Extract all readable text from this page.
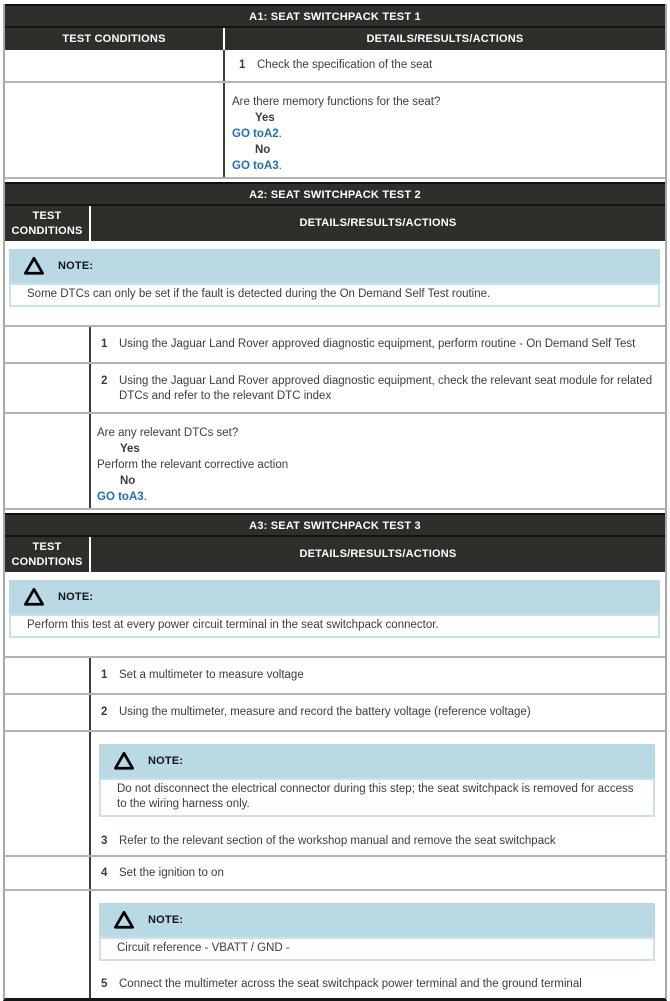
A1: SEAT SWITCHPACK TEST 1
TEST CONDITIONS	DETAILS/RESULTS/ACTIONS
1	Check the specification of the seat
Are there memory functions for the seat?
Yes
GO toA2.
No
GO toA3.
A2: SEAT SWITCHPACK TEST 2
TEST CONDITIONS
DETAILS/RESULTS/ACTIONS
NOTE:
Some DTCs can only be set if the fault is detected during the On Demand Self Test routine.
1	Using the Jaguar Land Rover approved diagnostic equipment, perform routine - On Demand Self Test
2	Using the Jaguar Land Rover approved diagnostic equipment, check the relevant seat module for related DTCs and refer to the relevant DTC index
Are any relevant DTCs set?
Yes
Perform the relevant corrective action
No
GO toA3.
A3: SEAT SWITCHPACK TEST 3
TEST CONDITIONS
DETAILS/RESULTS/ACTIONS
NOTE:
Perform this test at every power circuit terminal in the seat switchpack connector.
1	Set a multimeter to measure voltage
2	Using the multimeter, measure and record the battery voltage (reference voltage)
NOTE:
Do not disconnect the electrical connector during this step; the seat switchpack is removed for access to the wiring harness only.
3	Refer to the relevant section of the workshop manual and remove the seat switchpack
4	Set the ignition to on
NOTE:
Circuit reference - VBATT / GND -
5	Connect the multimeter across the seat switchpack power terminal and the ground terminal
